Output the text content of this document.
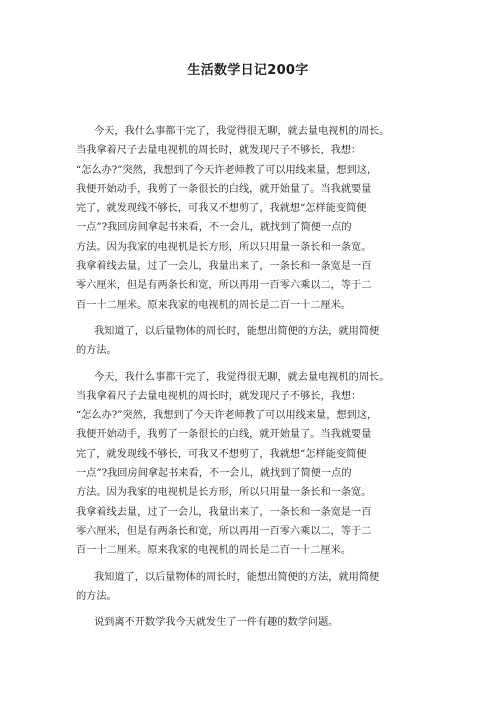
生活数学日记200字
今天，我什么事都干完了，我觉得很无聊，就去量电视机的周长。
当我拿着尺子去量电视机的周长时，就发现尺子不够长，我想：
“怎么办?”突然，我想到了今天许老师教了可以用线来量，想到这，
我便开始动手，我剪了一条很长的白线，就开始量了。当我就要量
完了，就发现线不够长，可我又不想剪了，我就想“怎样能变简便
一点”?我回房间拿起书来看，不一会儿，就找到了简便一点的
方法。因为我家的电视机是长方形，所以只用量一条长和一条宽。
我拿着线去量，过了一会儿，我量出来了，一条长和一条宽是一百
零六厘米，但是有两条长和宽，所以再用一百零六乘以二，等于二
百一十二厘米。原来我家的电视机的周长是二百一十二厘米。
我知道了，以后量物体的周长时，能想出简便的方法，就用简便
的方法。
今天，我什么事都干完了，我觉得很无聊，就去量电视机的周长。
当我拿着尺子去量电视机的周长时，就发现尺子不够长，我想：
“怎么办?”突然，我想到了今天许老师教了可以用线来量，想到这，
我便开始动手，我剪了一条很长的白线，就开始量了。当我就要量
完了，就发现线不够长，可我又不想剪了，我就想“怎样能变简便
一点”?我回房间拿起书来看，不一会儿，就找到了简便一点的
方法。因为我家的电视机是长方形，所以只用量一条长和一条宽。
我拿着线去量，过了一会儿，我量出来了，一条长和一条宽是一百
零六厘米，但是有两条长和宽，所以再用一百零六乘以二，等于二
百一十二厘米。原来我家的电视机的周长是二百一十二厘米。
我知道了，以后量物体的周长时，能想出简便的方法，就用简便
的方法。
说到离不开数学我今天就发生了一件有趣的数学问题。
